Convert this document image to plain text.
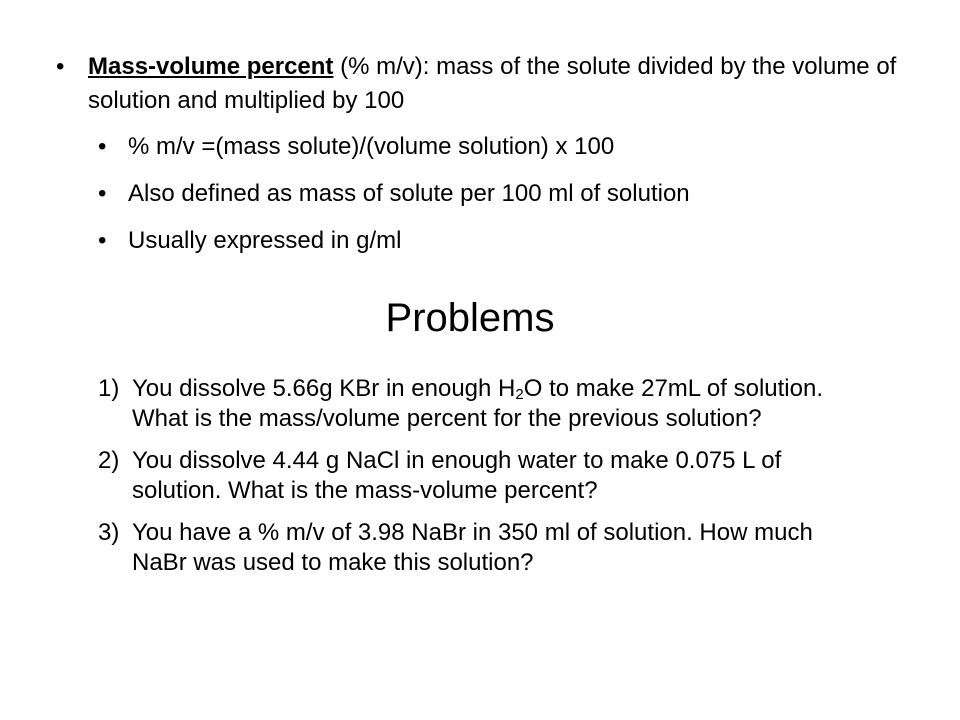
• Mass-volume percent (% m/v): mass of the solute divided by the volume of solution and multiplied by 100
• % m/v =(mass solute)/(volume solution) x 100
• Also defined as mass of solute per 100 ml of solution
• Usually expressed in g/ml
Problems
1) You dissolve 5.66g KBr in enough $H_2O$ to make 27mL of solution. What is the mass/volume percent for the previous solution?
2) You dissolve 4.44 g NaCl in enough water to make 0.075 L of solution. What is the mass-volume percent?
3) You have a % m/v of 3.98 NaBr in 350 ml of solution. How much NaBr was used to make this solution?
